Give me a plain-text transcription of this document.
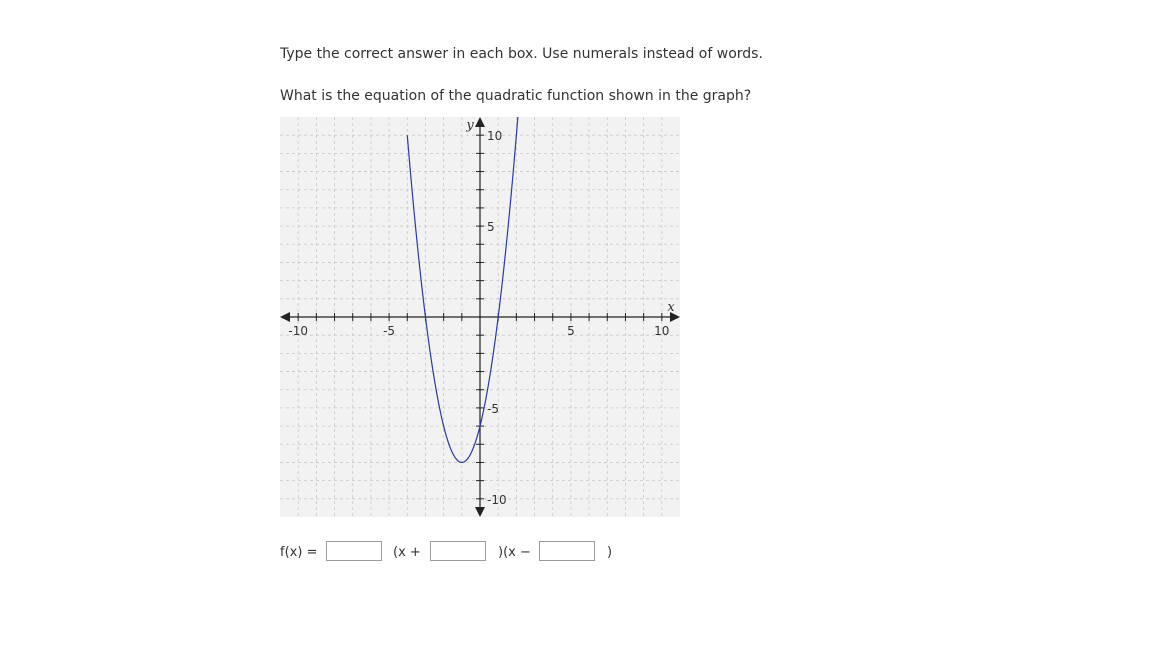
Type the correct answer in each box. Use numerals instead of words.
What is the equation of the quadratic function shown in the graph?
-10	-5	5	10
10
5
-5
-10
x
y
f(x) =	(x +	)(x −	)
